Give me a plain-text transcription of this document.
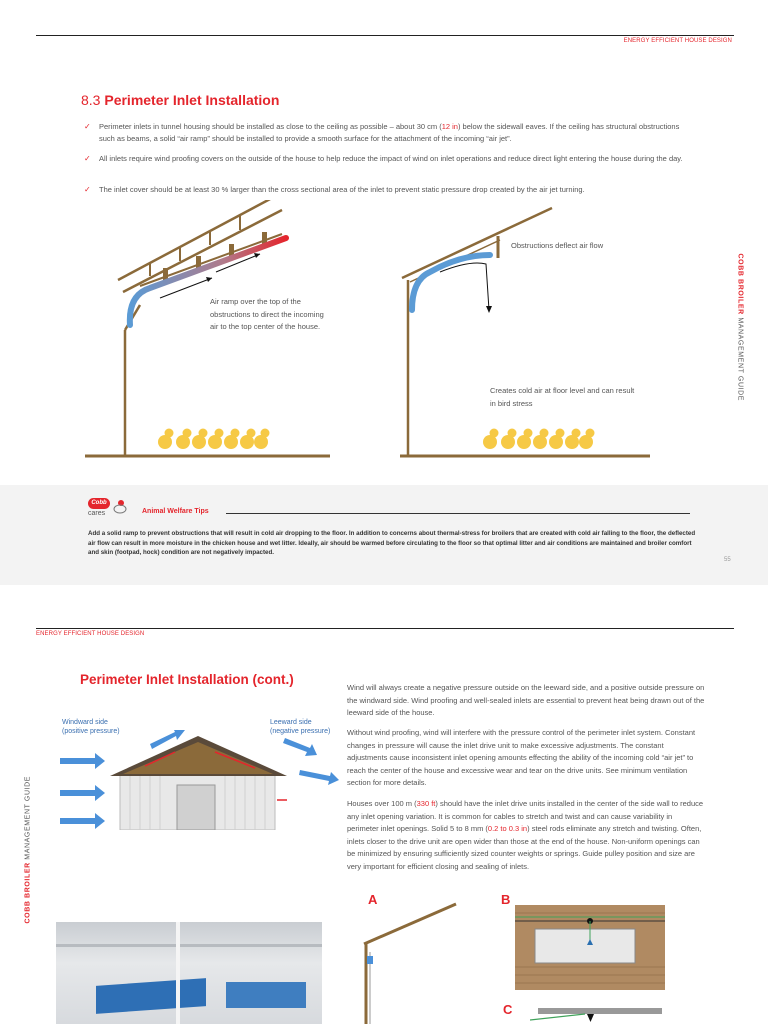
ENERGY EFFICIENT HOUSE DESIGN
8.3 Perimeter Inlet Installation
✓ Perimeter inlets in tunnel housing should be installed as close to the ceiling as possible – about 30 cm (12 in) below the sidewall eaves. If the ceiling has structural obstructions such as beams, a solid “air ramp” should be installed to provide a smooth surface for the attachment of the incoming “air jet”.
✓ All inlets require wind proofing covers on the outside of the house to help reduce the impact of wind on inlet operations and reduce direct light entering the house during the day.
✓ The inlet cover should be at least 30 % larger than the cross sectional area of the inlet to prevent static pressure drop created by the air jet turning.
Air ramp over the top of the obstructions to direct the incoming air to the top center of the house.
Obstructions deflect air flow
Creates cold air at floor level and can result in bird stress
COBB BROILER MANAGEMENT GUIDE
Cobb
cares	Animal Welfare Tips
Add a solid ramp to prevent obstructions that will result in cold air dropping to the floor. In addition to concerns about thermal-stress for broilers that are created with cold air falling to the floor, the deflected air flow can result in more moisture in the chicken house and wet litter. Ideally, air should be warmed before circulating to the floor so that optimal litter and air conditions are maintained and broiler comfort and skin (footpad, hock) condition are not negatively impacted.
55
ENERGY EFFICIENT HOUSE DESIGN
Perimeter Inlet Installation (cont.)
Windward side (positive pressure)
Leeward side (negative pressure)
Wind will always create a negative pressure outside on the leeward side, and a positive outside pressure on the windward side. Wind proofing and well-sealed inlets are essential to prevent heat being drawn out of the leeward side of the house.
Without wind proofing, wind will interfere with the pressure control of the perimeter inlet system. Constant changes in pressure will cause the inlet drive unit to make excessive adjustments. The constant adjustments cause inconsistent inlet opening amounts effecting the ability of the incoming cold “air jet” to reach the center of the house and excessive wear and tear on the drive units. See minimum ventilation section for more details.
Houses over 100 m (330 ft) should have the inlet drive units installed in the center of the side wall to reduce any inlet opening variation. It is common for cables to stretch and twist and can cause variability in perimeter inlet openings. Solid 5 to 8 mm (0.2 to 0.3 in) steel rods eliminate any stretch and twisting. Often, inlets closer to the drive unit are open wider than those at the end of the house. Non-uniform openings can be minimized by ensuring sufficiently sized counter weights or springs. Guide pulley position and size are very important for efficient closing and sealing of inlets.
COBB BROILER MANAGEMENT GUIDE
A	B
C
